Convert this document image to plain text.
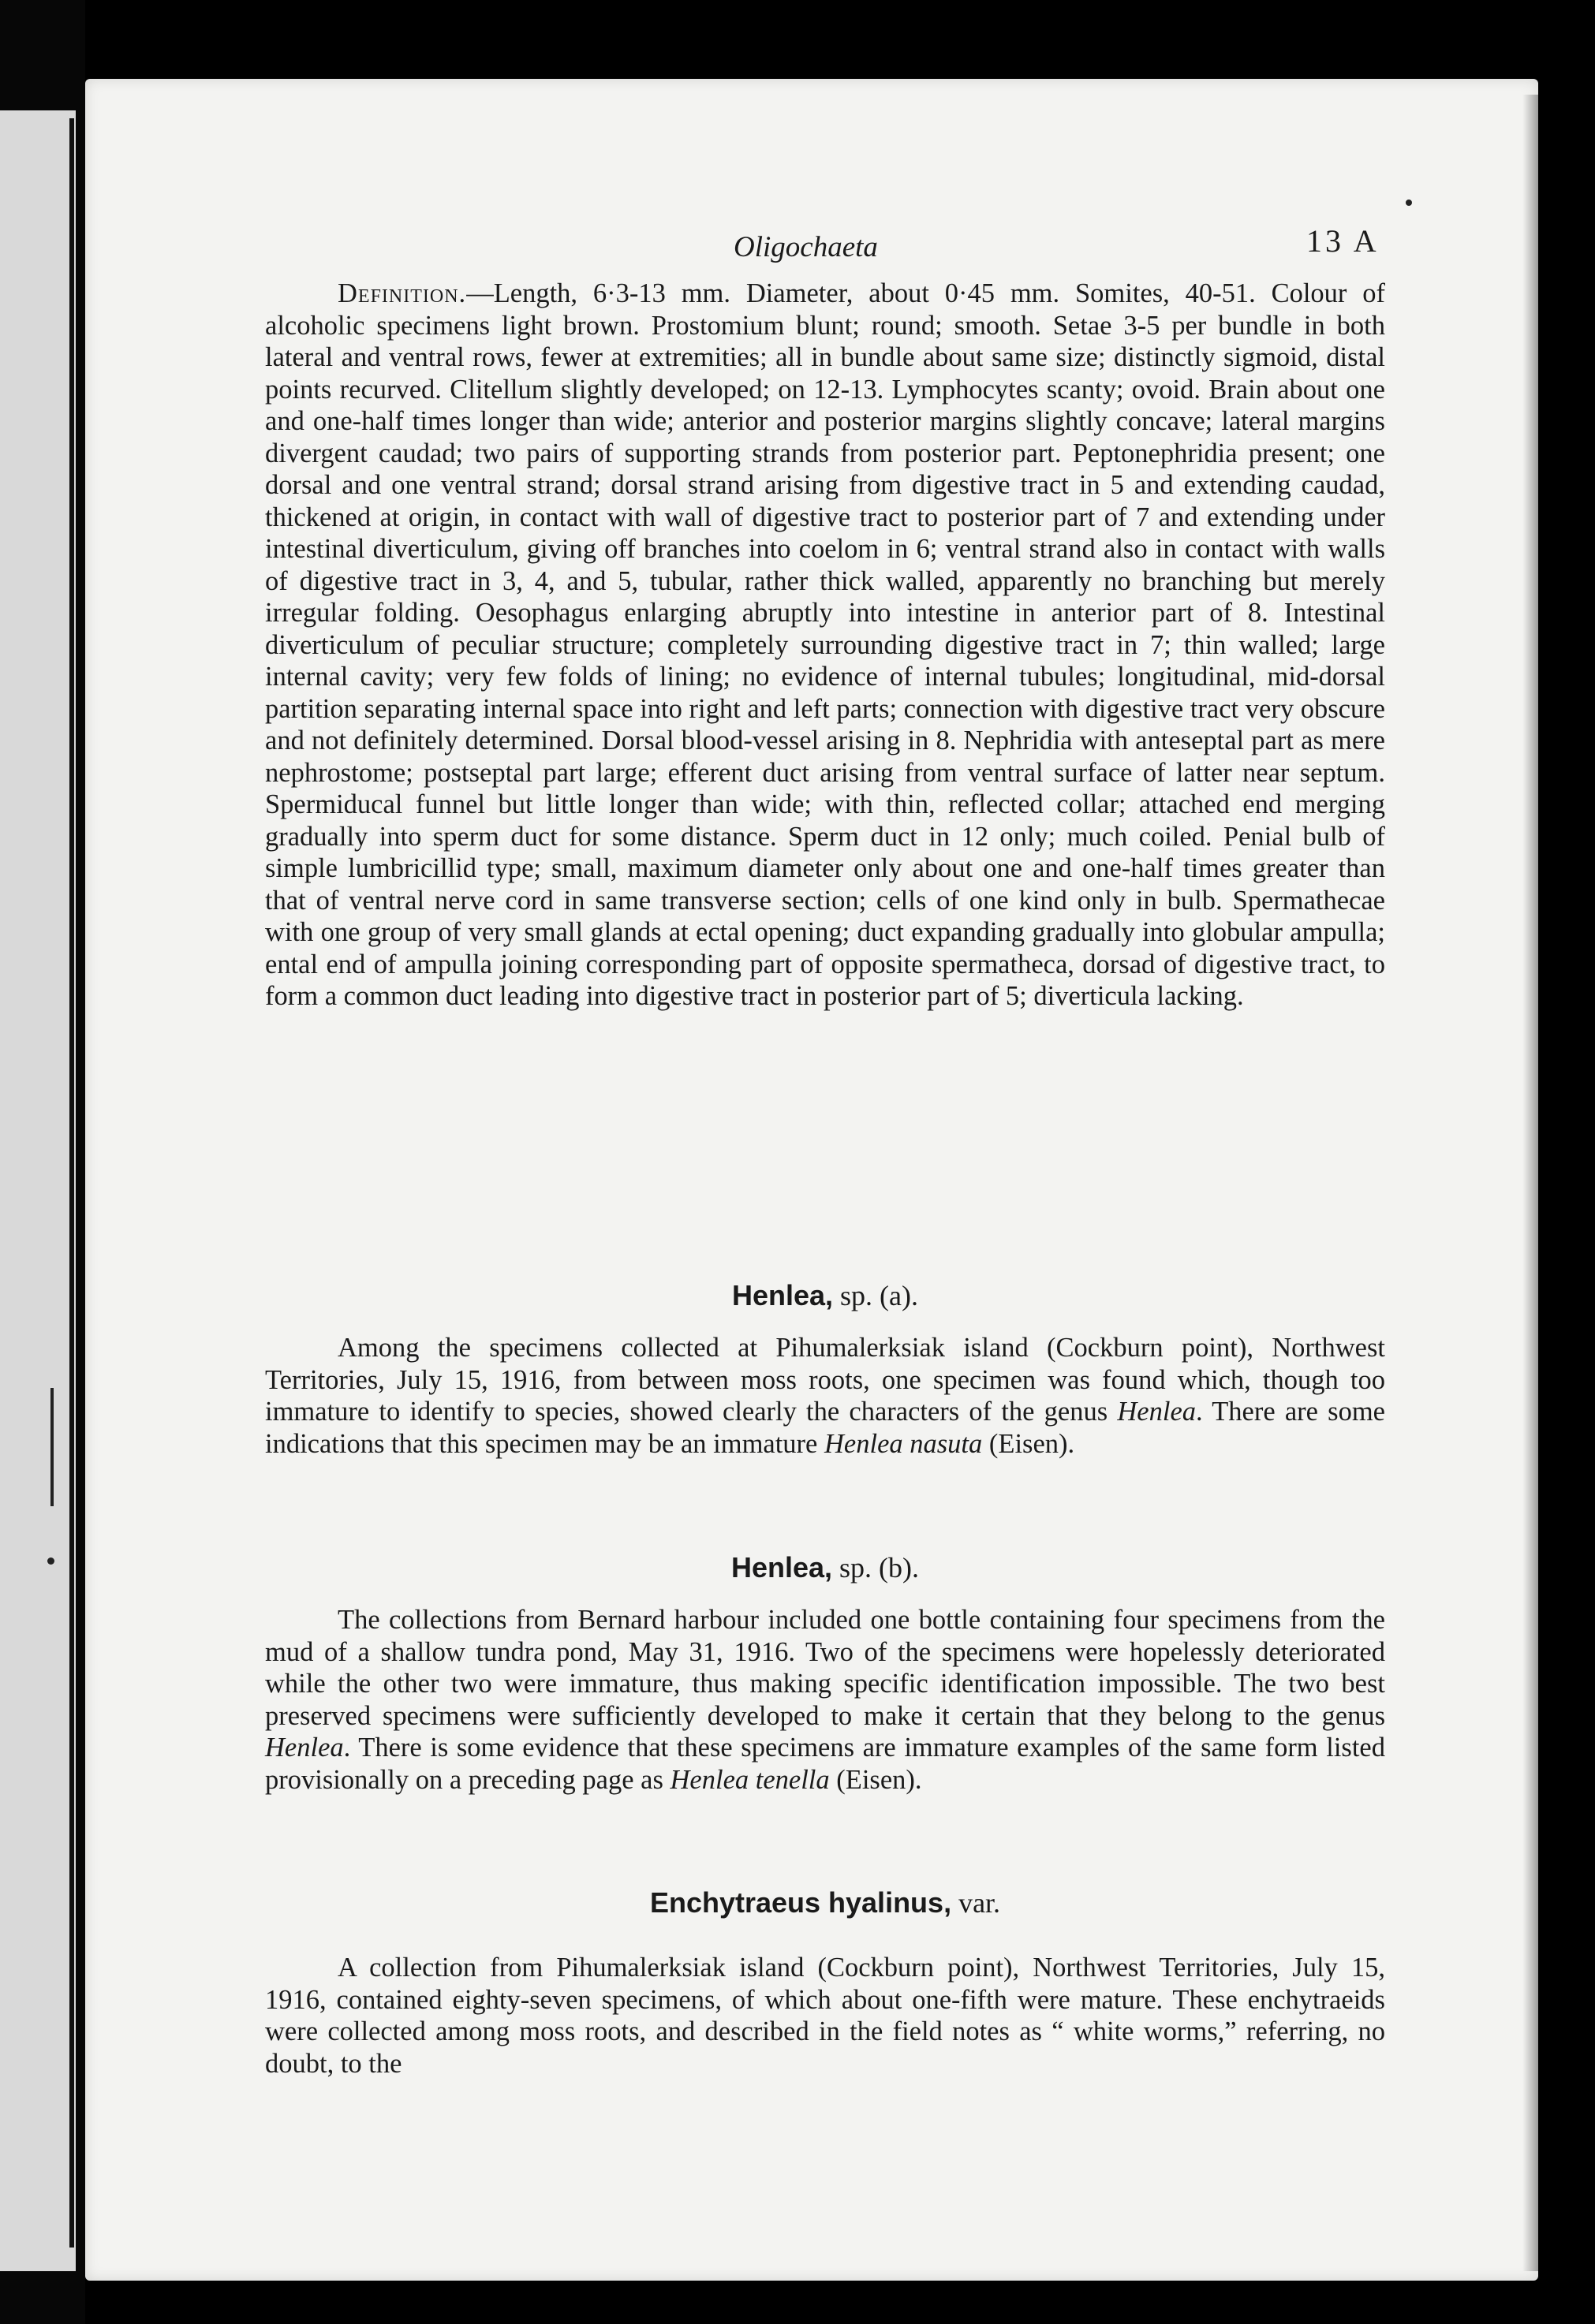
Oligochaeta	13 A

Definition.—Length, 6·3-13 mm. Diameter, about 0·45 mm. Somites, 40-51. Colour of alcoholic specimens light brown. Prostomium blunt; round; smooth. Setae 3-5 per bundle in both lateral and ventral rows, fewer at extremities; all in bundle about same size; distinctly sigmoid, distal points recurved. Clitellum slightly developed; on 12-13. Lymphocytes scanty; ovoid. Brain about one and one-half times longer than wide; anterior and posterior margins slightly concave; lateral margins divergent caudad; two pairs of supporting strands from posterior part. Peptonephridia present; one dorsal and one ventral strand; dorsal strand arising from digestive tract in 5 and extending caudad, thickened at origin, in contact with wall of digestive tract to posterior part of 7 and extending under intestinal diverticulum, giving off branches into coelom in 6; ventral strand also in contact with walls of digestive tract in 3, 4, and 5, tubular, rather thick walled, apparently no branching but merely irregular folding. Oesophagus enlarging abruptly into intestine in anterior part of 8. Intestinal diverticulum of peculiar structure; completely surrounding digestive tract in 7; thin walled; large internal cavity; very few folds of lining; no evidence of internal tubules; longitudinal, mid-dorsal partition separating internal space into right and left parts; connection with digestive tract very obscure and not definitely determined. Dorsal blood-vessel arising in 8. Nephridia with anteseptal part as mere nephrostome; postseptal part large; efferent duct arising from ventral surface of latter near septum. Spermiducal funnel but little longer than wide; with thin, reflected collar; attached end merging gradually into sperm duct for some distance. Sperm duct in 12 only; much coiled. Penial bulb of simple lumbricillid type; small, maximum diameter only about one and one-half times greater than that of ventral nerve cord in same transverse section; cells of one kind only in bulb. Spermathecae with one group of very small glands at ectal opening; duct expanding gradually into globular ampulla; ental end of ampulla joining corresponding part of opposite spermatheca, dorsad of digestive tract, to form a common duct leading into digestive tract in posterior part of 5; diverticula lacking.

Henlea, sp. (a).

Among the specimens collected at Pihumalerksiak island (Cockburn point), Northwest Territories, July 15, 1916, from between moss roots, one specimen was found which, though too immature to identify to species, showed clearly the characters of the genus Henlea. There are some indications that this specimen may be an immature Henlea nasuta (Eisen).

Henlea, sp. (b).

The collections from Bernard harbour included one bottle containing four specimens from the mud of a shallow tundra pond, May 31, 1916. Two of the specimens were hopelessly deteriorated while the other two were immature, thus making specific identification impossible. The two best preserved specimens were sufficiently developed to make it certain that they belong to the genus Henlea. There is some evidence that these specimens are immature examples of the same form listed provisionally on a preceding page as Henlea tenella (Eisen).

Enchytraeus hyalinus, var.

A collection from Pihumalerksiak island (Cockburn point), Northwest Territories, July 15, 1916, contained eighty-seven specimens, of which about one-fifth were mature. These enchytraeids were collected among moss roots, and described in the field notes as “ white worms,” referring, no doubt, to the
